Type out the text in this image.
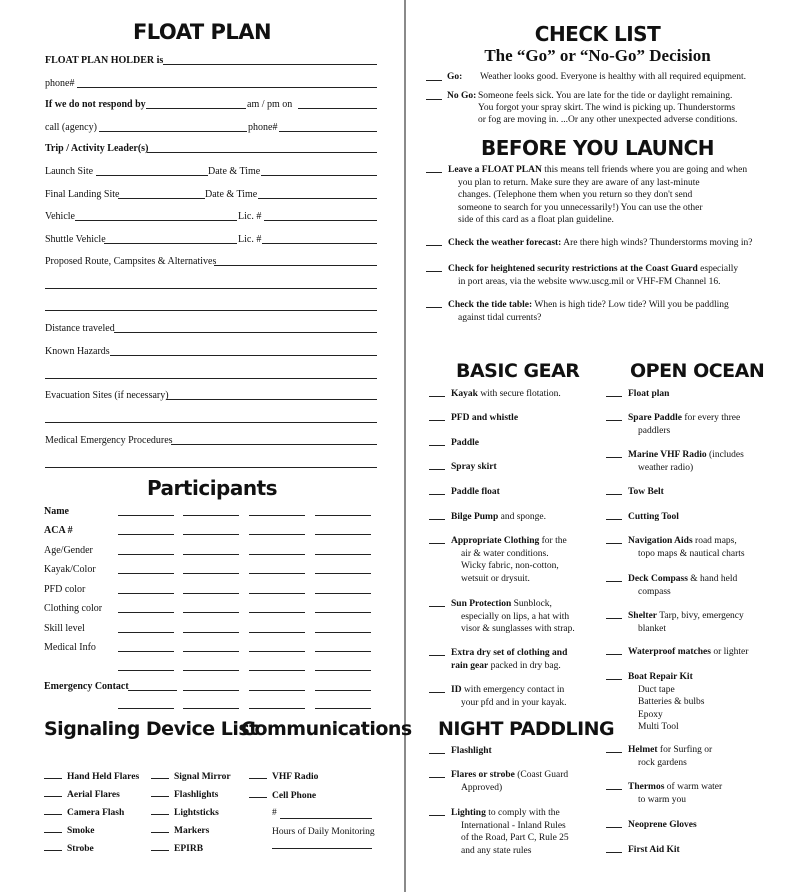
FLOAT PLAN
FLOAT PLAN HOLDER is
phone#
If we do not respond by	am / pm on
call (agency)	phone#
Trip / Activity Leader(s)
Launch Site	Date & Time
Final Landing Site	Date & Time
Vehicle	Lic. #
Shuttle Vehicle	Lic. #
Proposed Route, Campsites & Alternatives
Distance traveled
Known Hazards
Evacuation Sites (if necessary)
Medical Emergency Procedures
Participants
Signaling Device List
Communications
CHECK LIST
The “Go” or “No-Go” Decision
Go: Weather looks good. Everyone is healthy with all required equipment.
No Go: Someone feels sick. You are late for the tide or daylight remaining.
You forgot your spray skirt. The wind is picking up. Thunderstorms
or fog are moving in. ...Or any other unexpected adverse conditions.
BEFORE YOU LAUNCH
BASIC GEAR	OPEN OCEAN
NIGHT PADDLING
Name
ACA #
Age/Gender
Kayak/Color
PFD color
Clothing color
Skill level
Medical Info
Emergency Contact
Hand Held Flares
Aerial Flares
Camera Flash
Smoke
Strobe
Signal Mirror
Flashlights
Lightsticks
Markers
EPIRB
VHF Radio
Cell Phone
#
Hours of Daily Monitoring
Leave a FLOAT PLAN this means tell friends where you are going and when
you plan to return. Make sure they are aware of any last-minute
changes. (Telephone them when you return so they don't send
someone to search for you unnecessarily!) You can use the other
side of this card as a float plan guideline.
Check the weather forecast: Are there high winds? Thunderstorms moving in?
Check for heightened security restrictions at the Coast Guard especially
in port areas, via the website www.uscg.mil or VHF-FM Channel 16.
Check the tide table: When is high tide? Low tide? Will you be paddling
against tidal currents?
Kayak with secure flotation.
PFD and whistle
Paddle
Spray skirt
Paddle float
Bilge Pump and sponge.
Appropriate Clothing for the
air & water conditions.
Wicky fabric, non-cotton,
wetsuit or drysuit.
Sun Protection Sunblock,
especially on lips, a hat with
visor & sunglasses with strap.
Extra dry set of clothing and
rain gear packed in dry bag.
ID with emergency contact in
your pfd and in your kayak.
Flashlight
Flares or strobe (Coast Guard
Approved)
Lighting to comply with the
International - Inland Rules
of the Road, Part C, Rule 25
and any state rules
Float plan
Spare Paddle for every three
paddlers
Marine VHF Radio (includes
weather radio)
Tow Belt
Cutting Tool
Navigation Aids road maps,
topo maps & nautical charts
Deck Compass & hand held
compass
Shelter Tarp, bivy, emergency
blanket
Waterproof matches or lighter
Boat Repair Kit
Duct tape
Batteries & bulbs
Epoxy
Multi Tool
Helmet for Surfing or
rock gardens
Thermos of warm water
to warm you
Neoprene Gloves
First Aid Kit
